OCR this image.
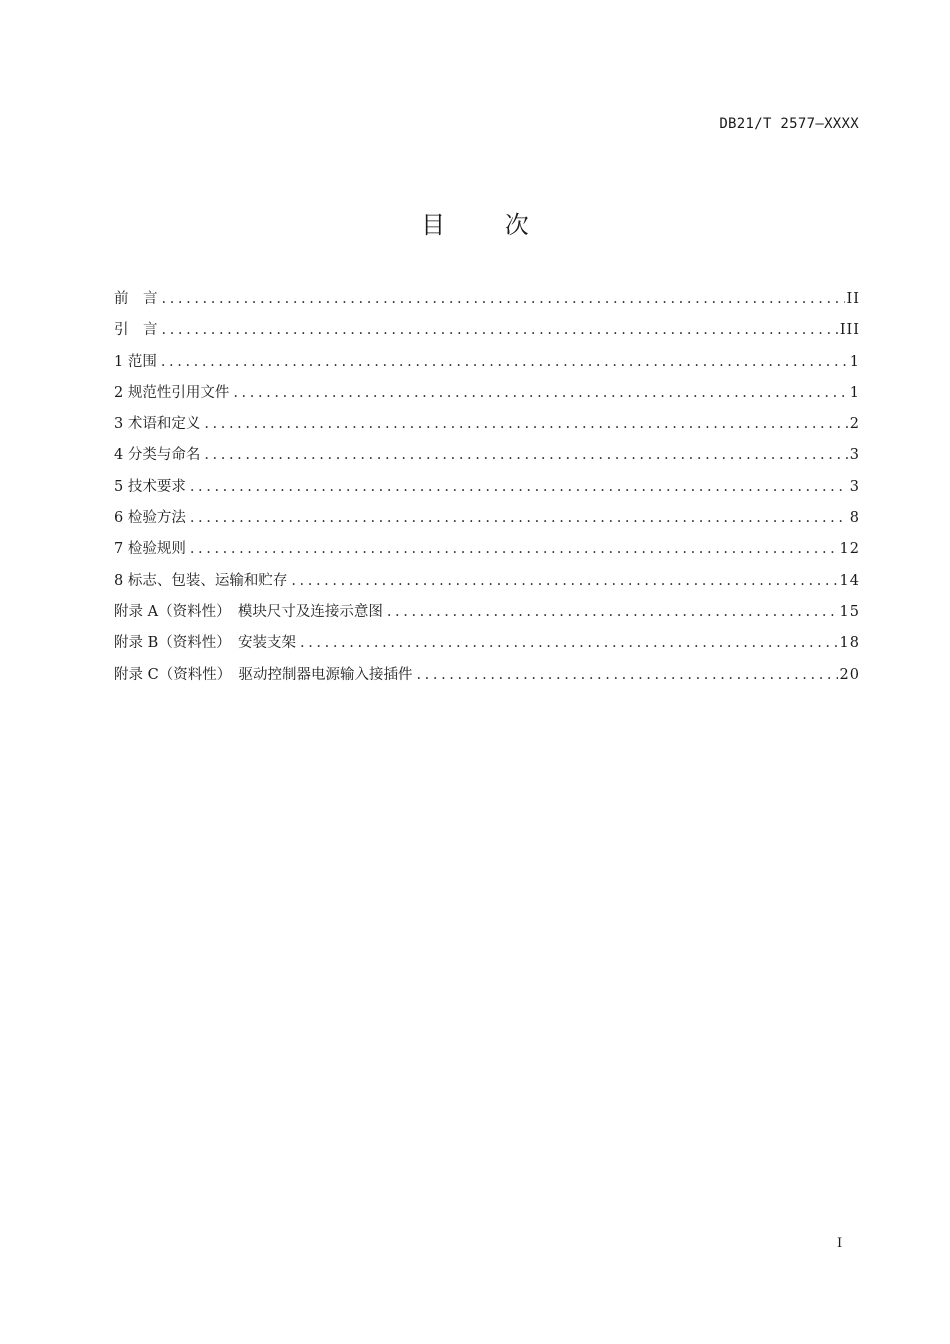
DB21/T 2577—XXXX
目 次
前　言 .....	II
引　言 .....	III
1 范围 .....	1
2 规范性引用文件 .....	1
3 术语和定义 .....	2
4 分类与命名 .....	3
5 技术要求 .....	3
6 检验方法 .....	8
7 检验规则 .....	12
8 标志、包装、运输和贮存 .....	14
附录 A（资料性）　模块尺寸及连接示意图 .....	15
附录 B（资料性）　安装支架 .....	18
附录 C（资料性）　驱动控制器电源输入接插件 .....	20
I
